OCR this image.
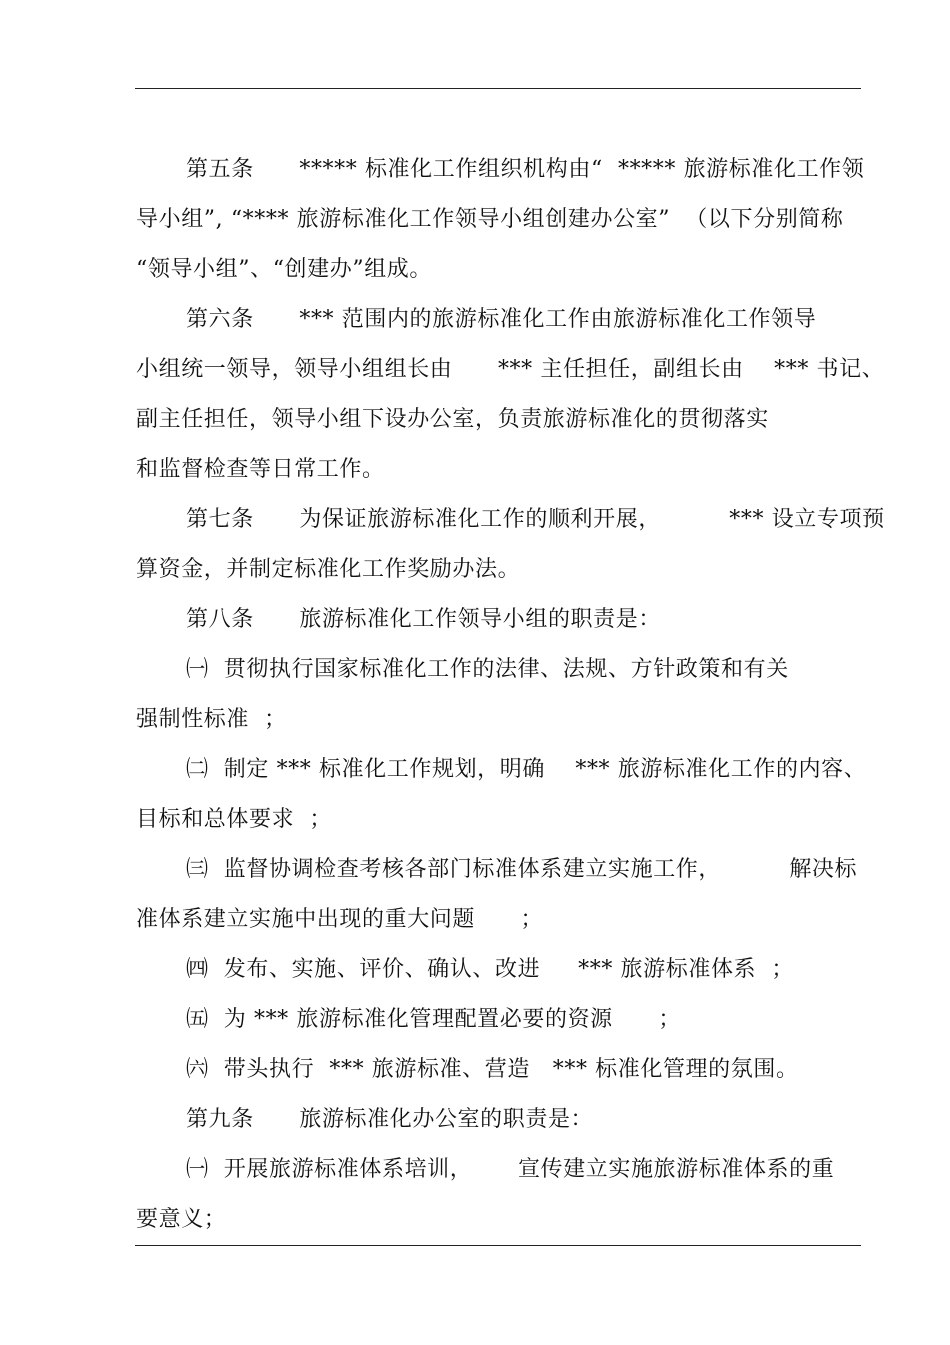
第五条      ***** 标准化工作组织机构由“  ***** 旅游标准化工作领
导小组”, “**** 旅游标准化工作领导小组创建办公室”  （以下分别简称
“领导小组”、“创建办”组成。
第六条      *** 范围内的旅游标准化工作由旅游标准化工作领导
小组统一领导，领导小组组长由      *** 主任担任，副组长由    *** 书记、
副主任担任，领导小组下设办公室，负责旅游标准化的贯彻落实
和监督检查等日常工作。
第七条      为保证旅游标准化工作的顺利开展，         *** 设立专项预
算资金，并制定标准化工作奖励办法。
第八条      旅游标准化工作领导小组的职责是：
㈠  贯彻执行国家标准化工作的法律、法规、方针政策和有关
强制性标准  ；
㈡  制定 *** 标准化工作规划，明确    *** 旅游标准化工作的内容、
目标和总体要求  ；
㈢  监督协调检查考核各部门标准体系建立实施工作，         解决标
准体系建立实施中出现的重大问题      ；
㈣  发布、实施、评价、确认、改进     *** 旅游标准体系  ；
㈤  为 *** 旅游标准化管理配置必要的资源      ；
㈥  带头执行  *** 旅游标准、营造   *** 标准化管理的氛围。
第九条      旅游标准化办公室的职责是：
㈠  开展旅游标准体系培训，      宣传建立实施旅游标准体系的重
要意义；
